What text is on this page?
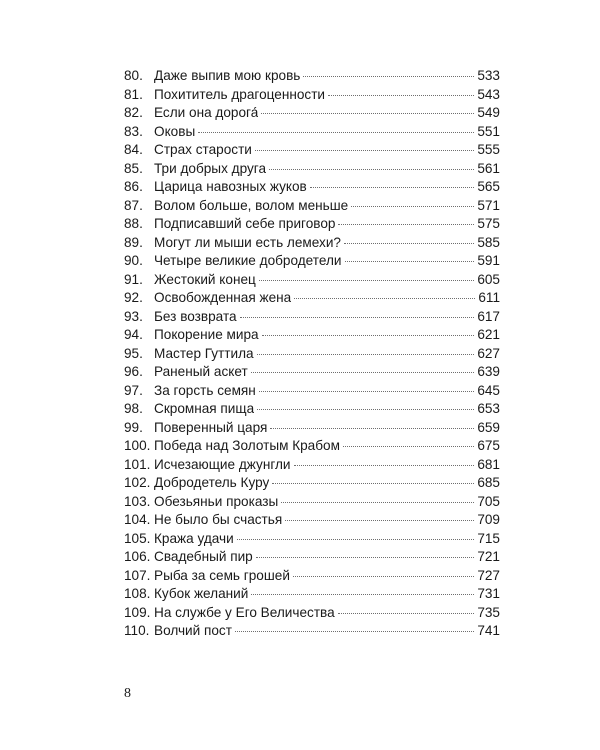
80. Даже выпив мою кровь	533
81. Похититель драгоценности	543
82. Если она дорога́	549
83. Оковы	551
84. Страх старости	555
85. Три добрых друга	561
86. Царица навозных жуков	565
87. Волом больше, волом меньше	571
88. Подписавший себе приговор	575
89. Могут ли мыши есть лемехи?	585
90. Четыре великие добродетели	591
91. Жестокий конец	605
92. Освобожденная жена	611
93. Без возврата	617
94. Покорение мира	621
95. Мастер Гуттила	627
96. Раненый аскет	639
97. За горсть семян	645
98. Скромная пища	653
99. Поверенный царя	659
100. Победа над Золотым Крабом	675
101. Исчезающие джунгли	681
102. Добродетель Куру	685
103. Обезьяньи проказы	705
104. Не было бы счастья	709
105. Кража удачи	715
106. Свадебный пир	721
107. Рыба за семь грошей	727
108. Кубок желаний	731
109. На службе у Его Величества	735
110. Волчий пост	741
8
